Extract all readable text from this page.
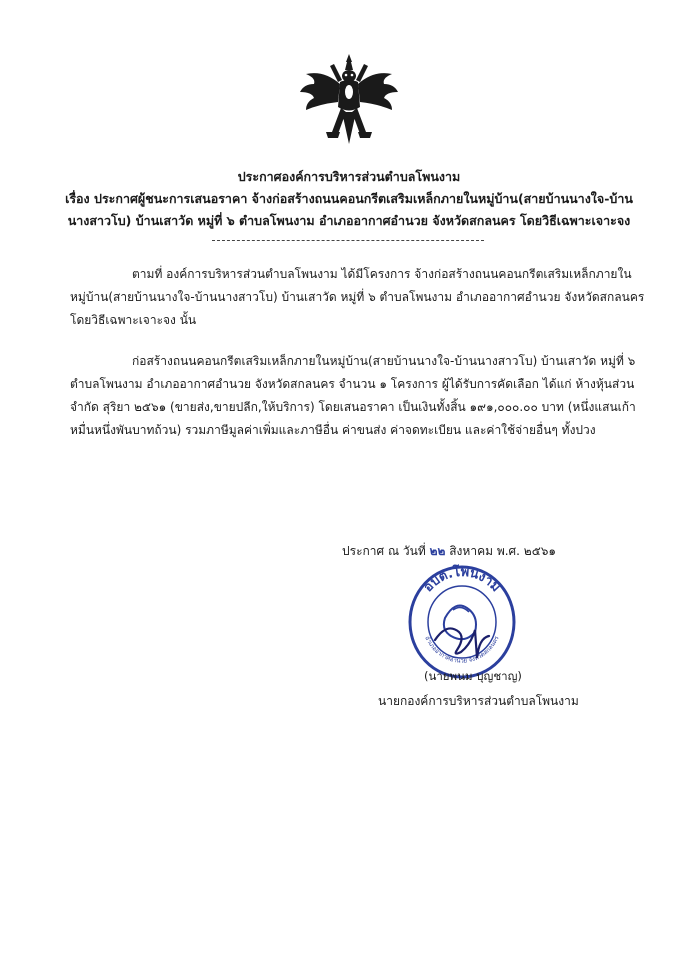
ประกาศองค์การบริหารส่วนตำบลโพนงาม
เรื่อง ประกาศผู้ชนะการเสนอราคา จ้างก่อสร้างถนนคอนกรีตเสริมเหล็กภายในหมู่บ้าน(สายบ้านนางใจ-บ้าน
นางสาวโบ) บ้านเสาวัด หมู่ที่ ๖ ตำบลโพนงาม อำเภออากาศอำนวย จังหวัดสกลนคร โดยวิธีเฉพาะเจาะจง
ตามที่ องค์การบริหารส่วนตำบลโพนงาม ได้มีโครงการ จ้างก่อสร้างถนนคอนกรีตเสริมเหล็กภายใน
หมู่บ้าน(สายบ้านนางใจ-บ้านนางสาวโบ) บ้านเสาวัด หมู่ที่ ๖ ตำบลโพนงาม อำเภออากาศอำนวย จังหวัดสกลนคร
โดยวิธีเฉพาะเจาะจง นั้น
ก่อสร้างถนนคอนกรีตเสริมเหล็กภายในหมู่บ้าน(สายบ้านนางใจ-บ้านนางสาวโบ) บ้านเสาวัด หมู่ที่ ๖
ตำบลโพนงาม อำเภออากาศอำนวย จังหวัดสกลนคร จำนวน ๑ โครงการ ผู้ได้รับการคัดเลือก ได้แก่ ห้างหุ้นส่วน
จำกัด สุริยา ๒๕๖๑ (ขายส่ง,ขายปลีก,ให้บริการ) โดยเสนอราคา เป็นเงินทั้งสิ้น ๑๙๑,๐๐๐.๐๐ บาท (หนึ่งแสนเก้า
หมื่นหนึ่งพันบาทถ้วน) รวมภาษีมูลค่าเพิ่มและภาษีอื่น ค่าขนส่ง ค่าจดทะเบียน และค่าใช้จ่ายอื่นๆ ทั้งปวง
ประกาศ ณ วันที่ ๒๒ สิงหาคม พ.ศ. ๒๕๖๑
อบต.โพนงาม
อำเภออากาศอำนวย จังหวัดสกลนคร
(นายพนม บุญชาญ)
นายกองค์การบริหารส่วนตำบลโพนงาม
